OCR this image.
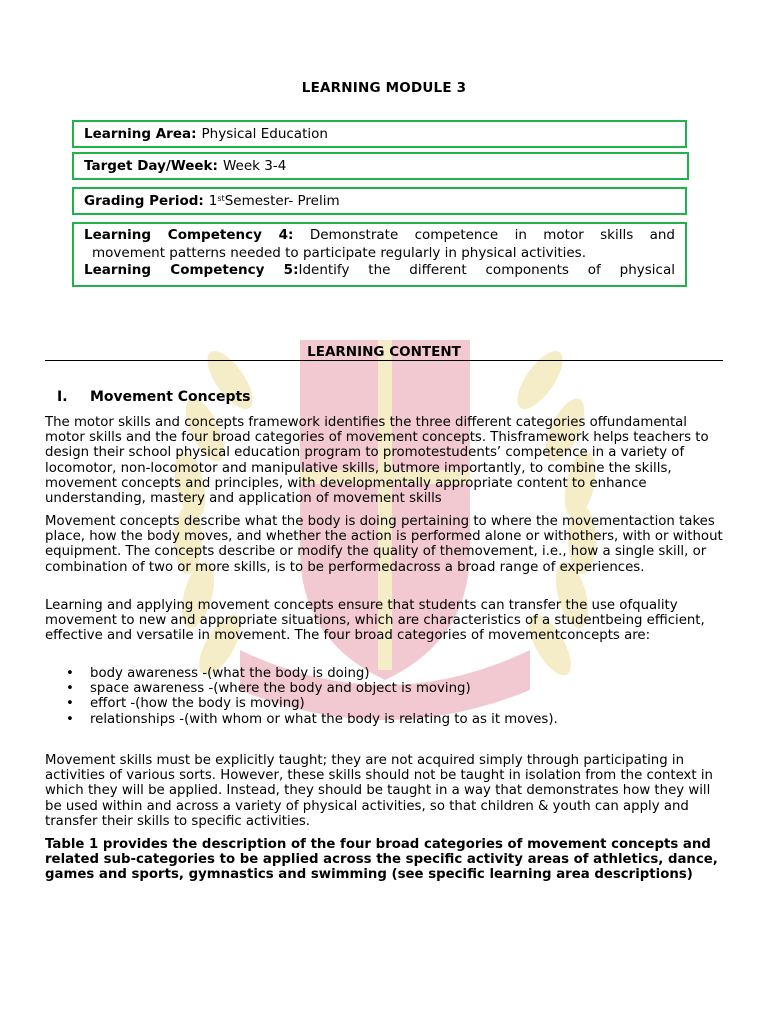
LEARNING MODULE 3
Learning Area: Physical Education
Target Day/Week: Week 3-4
Grading Period: 1st Semester- Prelim

Learning Competency 4: Demonstrate competence in motor skills and

movement patterns needed to participate regularly in physical activities.

Learning Competency 5:Identify the different components of physical

LEARNING CONTENT
I. Movement Concepts

The motor skills and concepts framework identifies the three different categories offundamental motor skills and the four broad categories of movement concepts. Thisframework helps teachers to design their school physical education program to promotestudents’ competence in a variety of locomotor, non-locomotor and manipulative skills, butmore importantly, to combine the skills, movement concepts and principles, with developmentally appropriate content to enhance understanding, mastery and application of movement skills

Movement concepts describe what the body is doing pertaining to where the movementaction takes place, how the body moves, and whether the action is performed alone or withothers, with or without equipment. The concepts describe or modify the quality of themovement, i.e., how a single skill, or combination of two or more skills, is to be performedacross a broad range of experiences.

Learning and applying movement concepts ensure that students can transfer the use ofquality movement to new and appropriate situations, which are characteristics of a studentbeing efficient, effective and versatile in movement. The four broad categories of movementconcepts are:

• body awareness -(what the body is doing)
• space awareness -(where the body and object is moving)
• effort -(how the body is moving)
• relationships -(with whom or what the body is relating to as it moves).

Movement skills must be explicitly taught; they are not acquired simply through participating in activities of various sorts. However, these skills should not be taught in isolation from the context in which they will be applied. Instead, they should be taught in a way that demonstrates how they will be used within and across a variety of physical activities, so that children & youth can apply and transfer their skills to specific activities.

Table 1 provides the description of the four broad categories of movement concepts and related sub-categories to be applied across the specific activity areas of athletics, dance, games and sports, gymnastics and swimming (see specific learning area descriptions)
